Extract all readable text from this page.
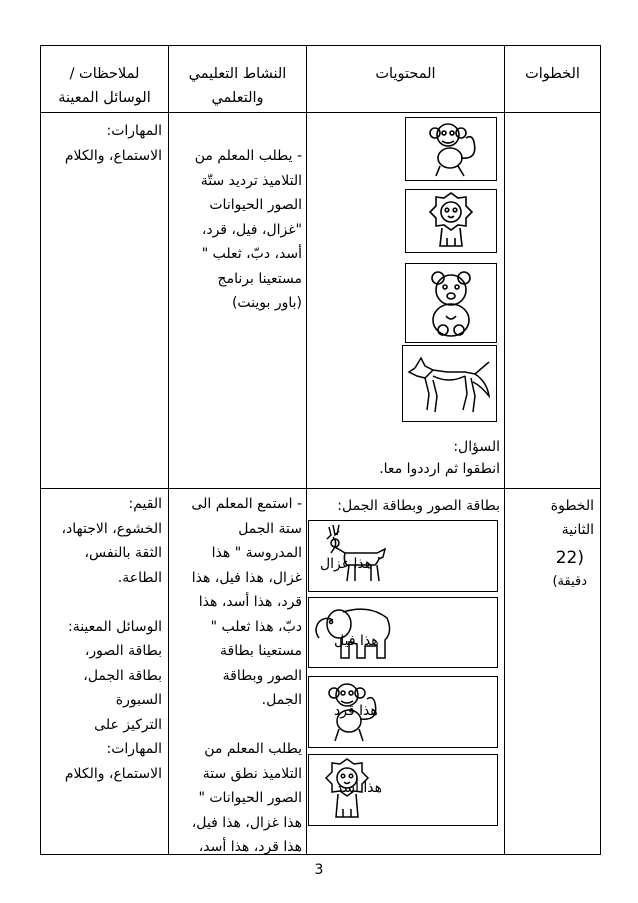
الخطوات
المحتويات
النشاط التعليمي
والتعلمي
لملاحظات /
الوسائل المعينة
المهارات:
الاستماع، والكلام	- يطلب المعلم من
التلاميذ ترديد ستّة
الصور الحيوانات
"غزال، فيل، قرد،
أسد، دبّ، ثعلب "
مستعينا برنامج
(باور بوينت)
السؤال:
انطقوا ثم ارددوا معا.
الخطوة
الثانية
(22
دقيقة)
بطاقة الصور وبطاقة الجمل:
هذا غزال
هذا فيل
هذا قرد
هذا أسد
- استمع المعلم الى
ستة الجمل
المدروسة " هذا
غزال، هذا فيل، هذا
قرد، هذا أسد، هذا
دبّ، هذا ثعلب "
مستعينا بطاقة
الصور وبطاقة
الجمل.

يطلب المعلم من
التلاميذ نطق ستة
الصور الحيوانات "
هذا غزال، هذا فيل،
هذا قرد، هذا أسد،
القيم:
الخشوع، الاجتهاد،
الثقة بالنفس،
الطاعة.

الوسائل المعينة:
بطاقة الصور،
بطاقة الجمل،
السبورة
التركيز على
المهارات:
الاستماع، والكلام
3
